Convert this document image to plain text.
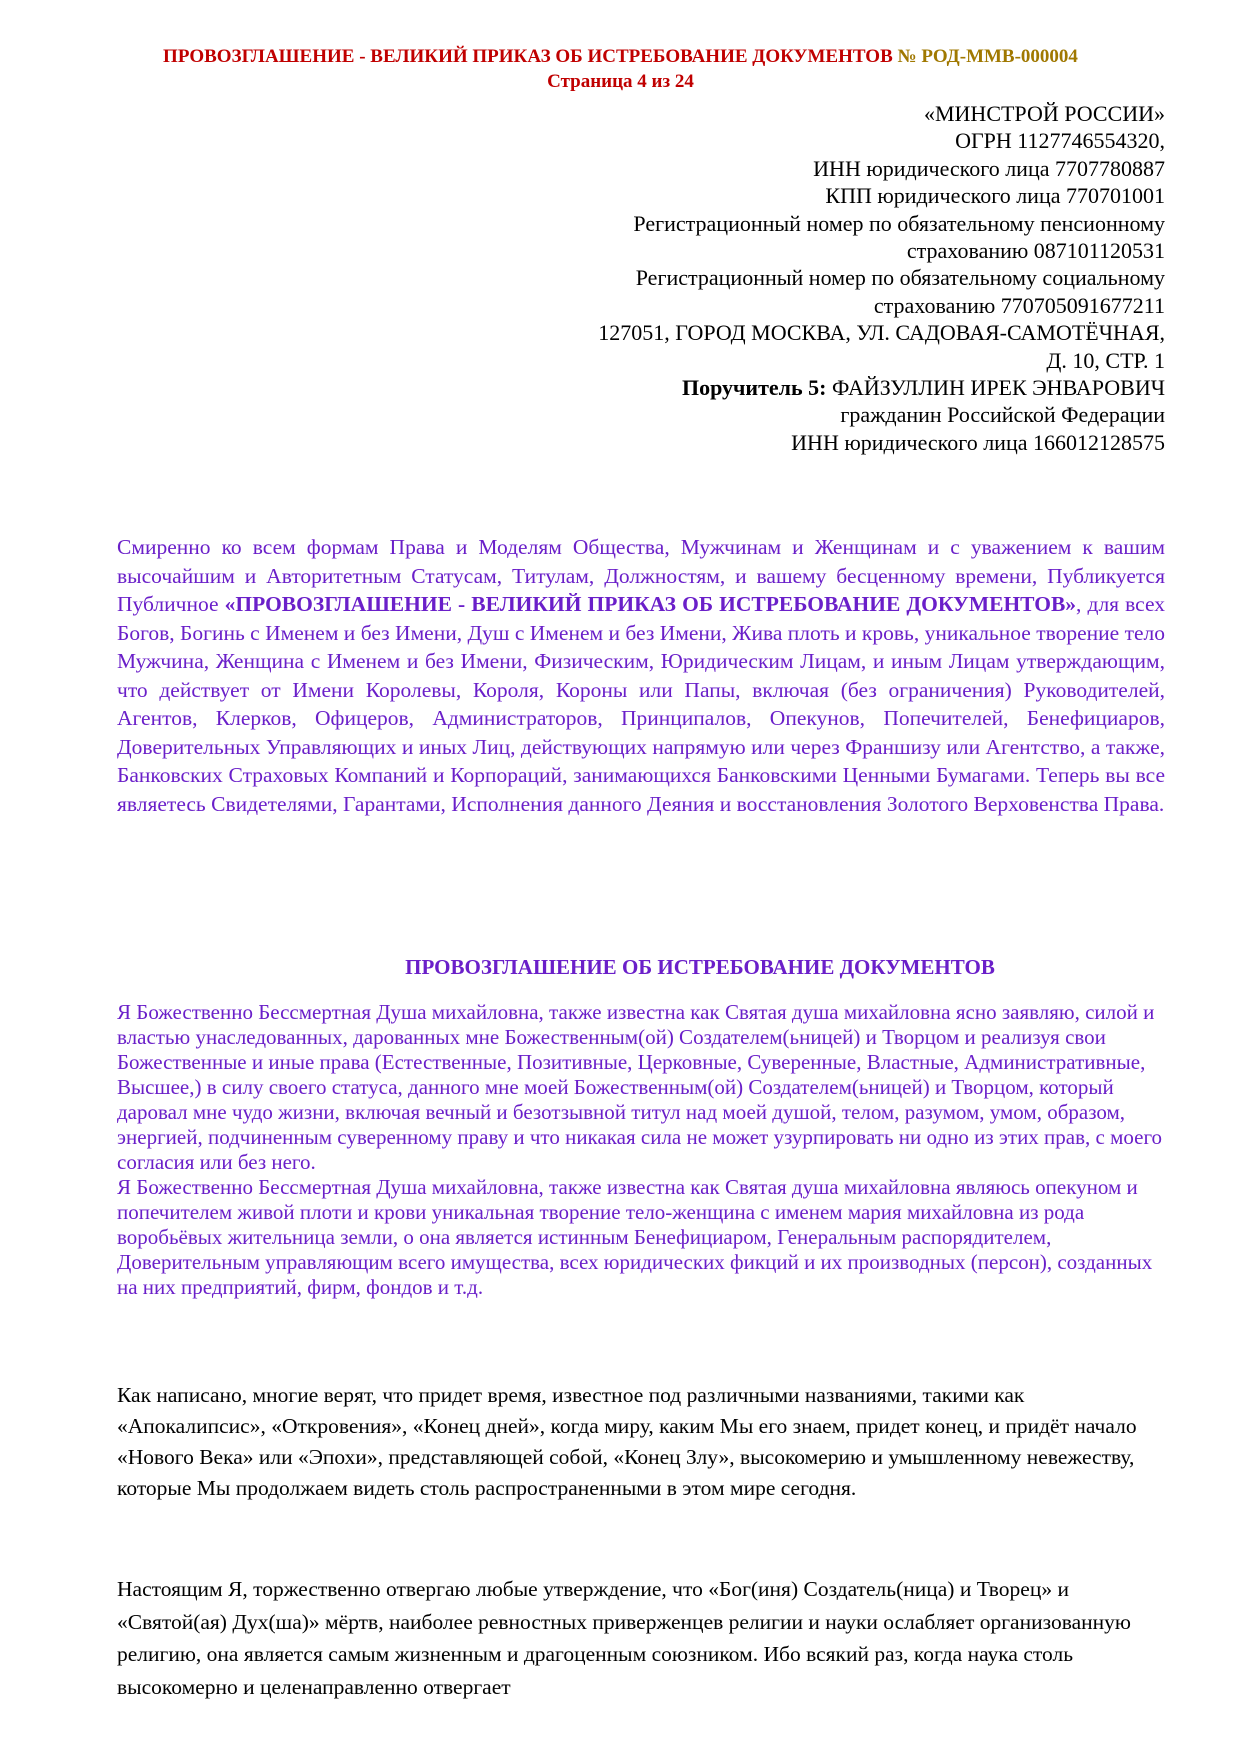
ПРОВОЗГЛАШЕНИЕ - ВЕЛИКИЙ ПРИКАЗ ОБ ИСТРЕБОВАНИЕ ДОКУМЕНТОВ № РОД-ММВ-000004
Страница 4 из 24
«МИНСТРОЙ РОССИИ»
ОГРН 1127746554320,
ИНН юридического лица 7707780887
КПП юридического лица 770701001
Регистрационный номер по обязательному пенсионному
страхованию 087101120531
Регистрационный номер по обязательному социальному
страхованию 770705091677211
127051, ГОРОД МОСКВА, УЛ. САДОВАЯ-САМОТЁЧНАЯ,
Д. 10, СТР. 1
Поручитель 5: ФАЙЗУЛЛИН ИРЕК ЭНВАРОВИЧ
гражданин Российской Федерации
ИНН юридического лица 166012128575

Смиренно ко всем формам Права и Моделям Общества, Мужчинам и Женщинам и с уважением к вашим высочайшим и Авторитетным Статусам, Титулам, Должностям, и вашему бесценному времени, Публикуется Публичное «ПРОВОЗГЛАШЕНИЕ - ВЕЛИКИЙ ПРИКАЗ ОБ ИСТРЕБОВАНИЕ ДОКУМЕНТОВ», для всех Богов, Богинь с Именем и без Имени, Душ с Именем и без Имени, Жива плоть и кровь, уникальное творение тело Мужчина, Женщина с Именем и без Имени, Физическим, Юридическим Лицам, и иным Лицам утверждающим, что действует от Имени Королевы, Короля, Короны или Папы, включая (без ограничения) Руководителей, Агентов, Клерков, Офицеров, Администраторов, Принципалов, Опекунов, Попечителей, Бенефициаров, Доверительных Управляющих и иных Лиц, действующих напрямую или через Франшизу или Агентство, а также, Банковских Страховых Компаний и Корпораций, занимающихся Банковскими Ценными Бумагами. Теперь вы все являетесь Свидетелями, Гарантами, Исполнения данного Деяния и восстановления Золотого Верховенства Права.

ПРОВОЗГЛАШЕНИЕ ОБ ИСТРЕБОВАНИЕ ДОКУМЕНТОВ

Я Божественно Бессмертная Душа михайловна, также известна как Святая душа михайловна ясно заявляю, силой и властью унаследованных, дарованных мне Божественным(ой) Создателем(ьницей) и Творцом и реализуя свои Божественные и иные права (Естественные, Позитивные, Церковные, Суверенные, Властные, Административные, Высшее,) в силу своего статуса, данного мне моей Божественным(ой) Создателем(ьницей) и Творцом, который даровал мне чудо жизни, включая вечный и безотзывной титул над моей душой, телом, разумом, умом, образом, энергией, подчиненным суверенному праву и что никакая сила не может узурпировать ни одно из этих прав, с моего согласия или без него.

Я Божественно Бессмертная Душа михайловна, также известна как Святая душа михайловна являюсь опекуном и попечителем живой плоти и крови уникальная творение тело-женщина с именем мария михайловна из рода воробьёвых жительница земли, о она является истинным Бенефициаром, Генеральным распорядителем, Доверительным управляющим всего имущества, всех юридических фикций и их производных (персон), созданных на них предприятий, фирм, фондов и т.д.

Как написано, многие верят, что придет время, известное под различными названиями, такими как «Апокалипсис», «Откровения», «Конец дней», когда миру, каким Мы его знаем, придет конец, и придёт начало «Нового Века» или «Эпохи», представляющей собой, «Конец Злу», высокомерию и умышленному невежеству, которые Мы продолжаем видеть столь распространенными в этом мире сегодня.

Настоящим Я, торжественно отвергаю любые утверждение, что «Бог(иня) Создатель(ница) и Творец» и «Святой(ая) Дух(ша)» мёртв, наиболее ревностных приверженцев религии и науки ослабляет организованную религию, она является самым жизненным и драгоценным союзником. Ибо всякий раз, когда наука столь высокомерно и целенаправленно отвергает
